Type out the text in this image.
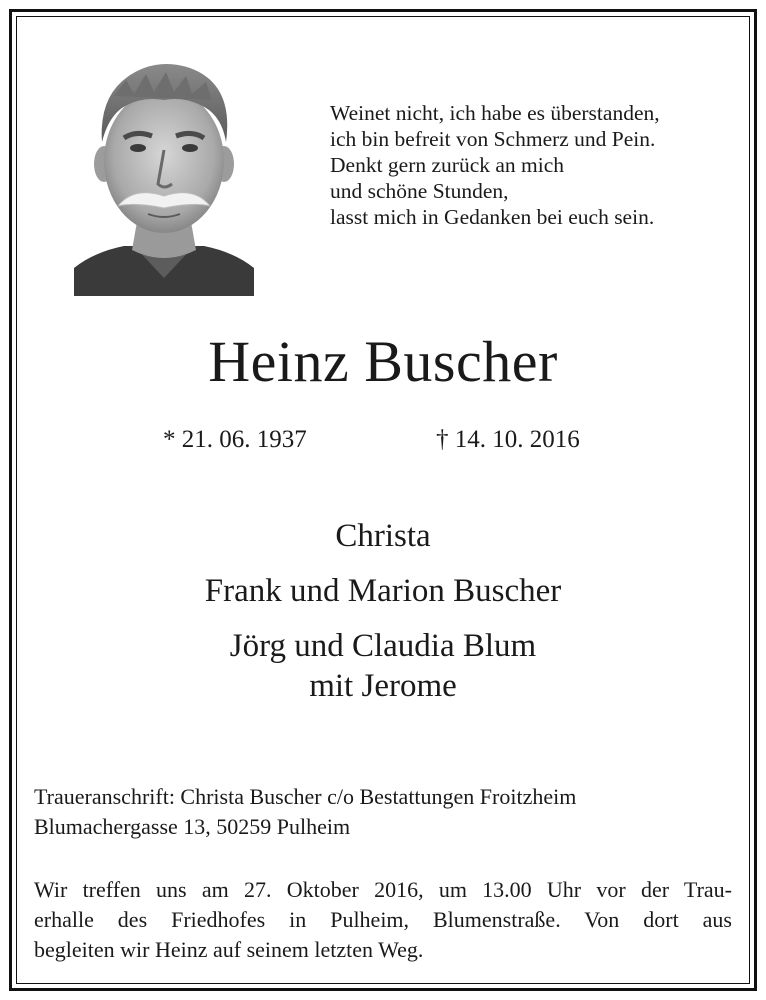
Weinet nicht, ich habe es überstanden,
ich bin befreit von Schmerz und Pein.
Denkt gern zurück an mich
und schöne Stunden,
lasst mich in Gedanken bei euch sein.
Heinz Buscher
* 21. 06. 1937	† 14. 10. 2016
Christa
Frank und Marion Buscher
Jörg und Claudia Blum
mit Jerome
Traueranschrift: Christa Buscher c/o Bestattungen Froitzheim
Blumachergasse 13, 50259 Pulheim
Wir treffen uns am 27. Oktober 2016, um 13.00 Uhr vor der Trau-
erhalle des Friedhofes in Pulheim, Blumenstraße. Von dort aus
begleiten wir Heinz auf seinem letzten Weg.
